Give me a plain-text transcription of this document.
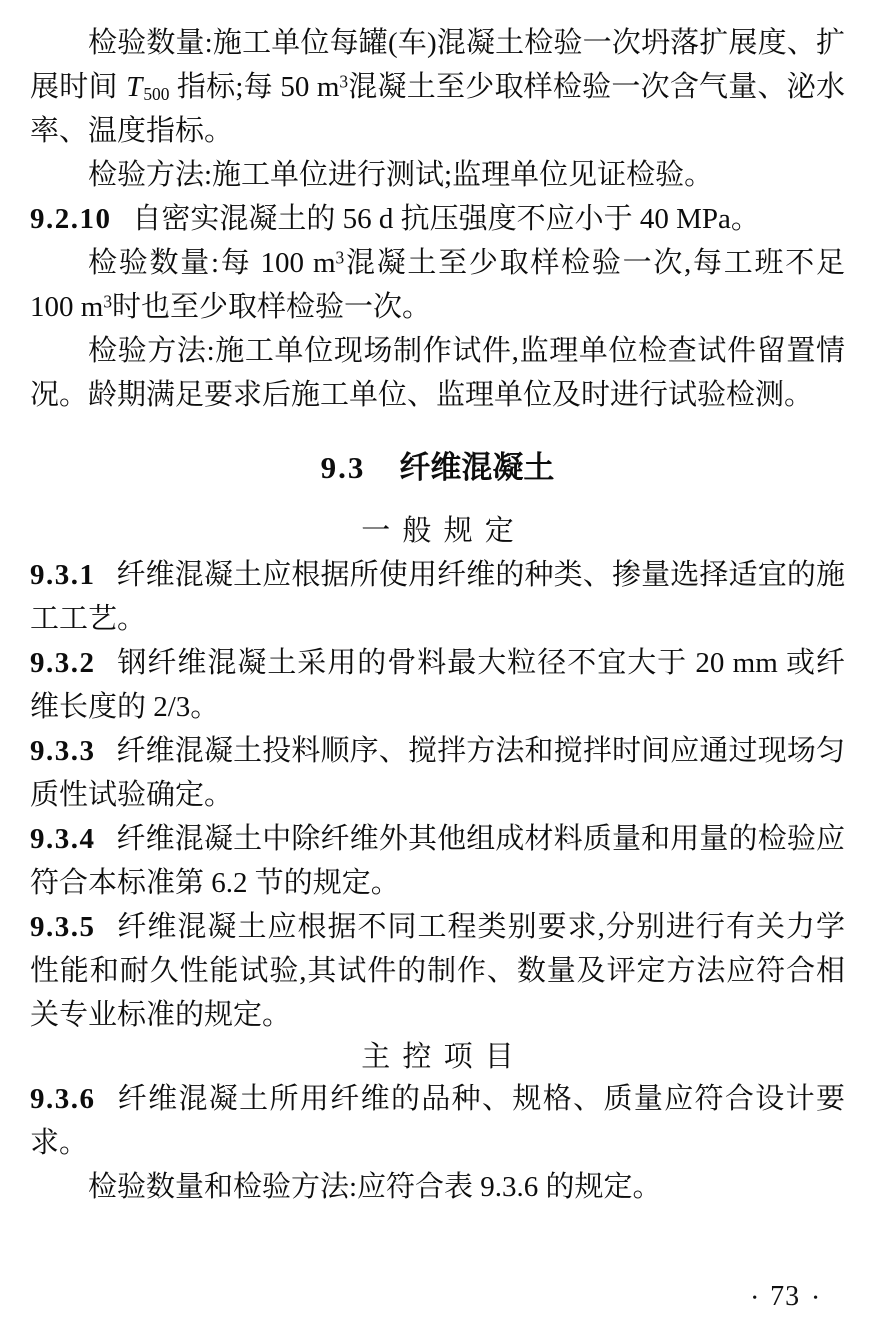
检验数量:施工单位每罐(车)混凝土检验一次坍落扩展度、扩展时间 $T_{500}$ 指标;每 50 $m^3$混凝土至少取样检验一次含气量、泌水率、温度指标。

检验方法:施工单位进行测试;监理单位见证检验。

9.2.10 自密实混凝土的 56 d 抗压强度不应小于 40 MPa。

检验数量:每 100 $m^3$混凝土至少取样检验一次,每工班不足 100 $m^3$时也至少取样检验一次。

检验方法:施工单位现场制作试件,监理单位检查试件留置情况。龄期满足要求后施工单位、监理单位及时进行试验检测。

9.3 纤维混凝土
一般规定

9.3.1 纤维混凝土应根据所使用纤维的种类、掺量选择适宜的施工工艺。

9.3.2 钢纤维混凝土采用的骨料最大粒径不宜大于 20 mm 或纤维长度的 2/3。

9.3.3 纤维混凝土投料顺序、搅拌方法和搅拌时间应通过现场匀质性试验确定。

9.3.4 纤维混凝土中除纤维外其他组成材料质量和用量的检验应符合本标准第 6.2 节的规定。

9.3.5 纤维混凝土应根据不同工程类别要求,分别进行有关力学性能和耐久性能试验,其试件的制作、数量及评定方法应符合相关专业标准的规定。

主控项目

9.3.6 纤维混凝土所用纤维的品种、规格、质量应符合设计要求。

检验数量和检验方法:应符合表 9.3.6 的规定。

• 73 •
